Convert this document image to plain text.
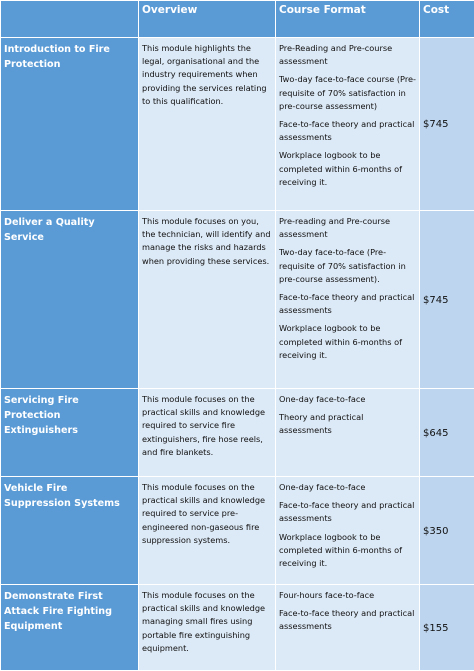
	Overview	Course Format	Cost
Introduction to Fire Protection	This module highlights the legal, organisational and the industry requirements when providing the services relating to this qualification.	Pre-Reading and Pre-course assessment

Two-day face-to-face course (Pre-requisite of 70% satisfaction in pre-course assessment)

Face-to-face theory and practical assessments

Workplace logbook to be completed within 6-months of receiving it.	$745
Deliver a Quality Service	This module focuses on you, the technician, will identify and manage the risks and hazards when providing these services.	Pre-reading and Pre-course assessment

Two-day face-to-face (Pre-requisite of 70% satisfaction in pre-course assessment).

Face-to-face theory and practical assessments

Workplace logbook to be completed within 6-months of receiving it.	$745
Servicing Fire Protection Extinguishers	This module focuses on the practical skills and knowledge required to service fire extinguishers, fire hose reels, and fire blankets.	One-day face-to-face

Theory and practical assessments	$645
Vehicle Fire Suppression Systems	This module focuses on the practical skills and knowledge required to service pre-engineered non-gaseous fire suppression systems.	One-day face-to-face

Face-to-face theory and practical assessments

Workplace logbook to be completed within 6-months of receiving it.	$350
Demonstrate First Attack Fire Fighting Equipment	This module focuses on the practical skills and knowledge managing small fires using portable fire extinguishing equipment.	Four-hours face-to-face

Face-to-face theory and practical assessments	$155
